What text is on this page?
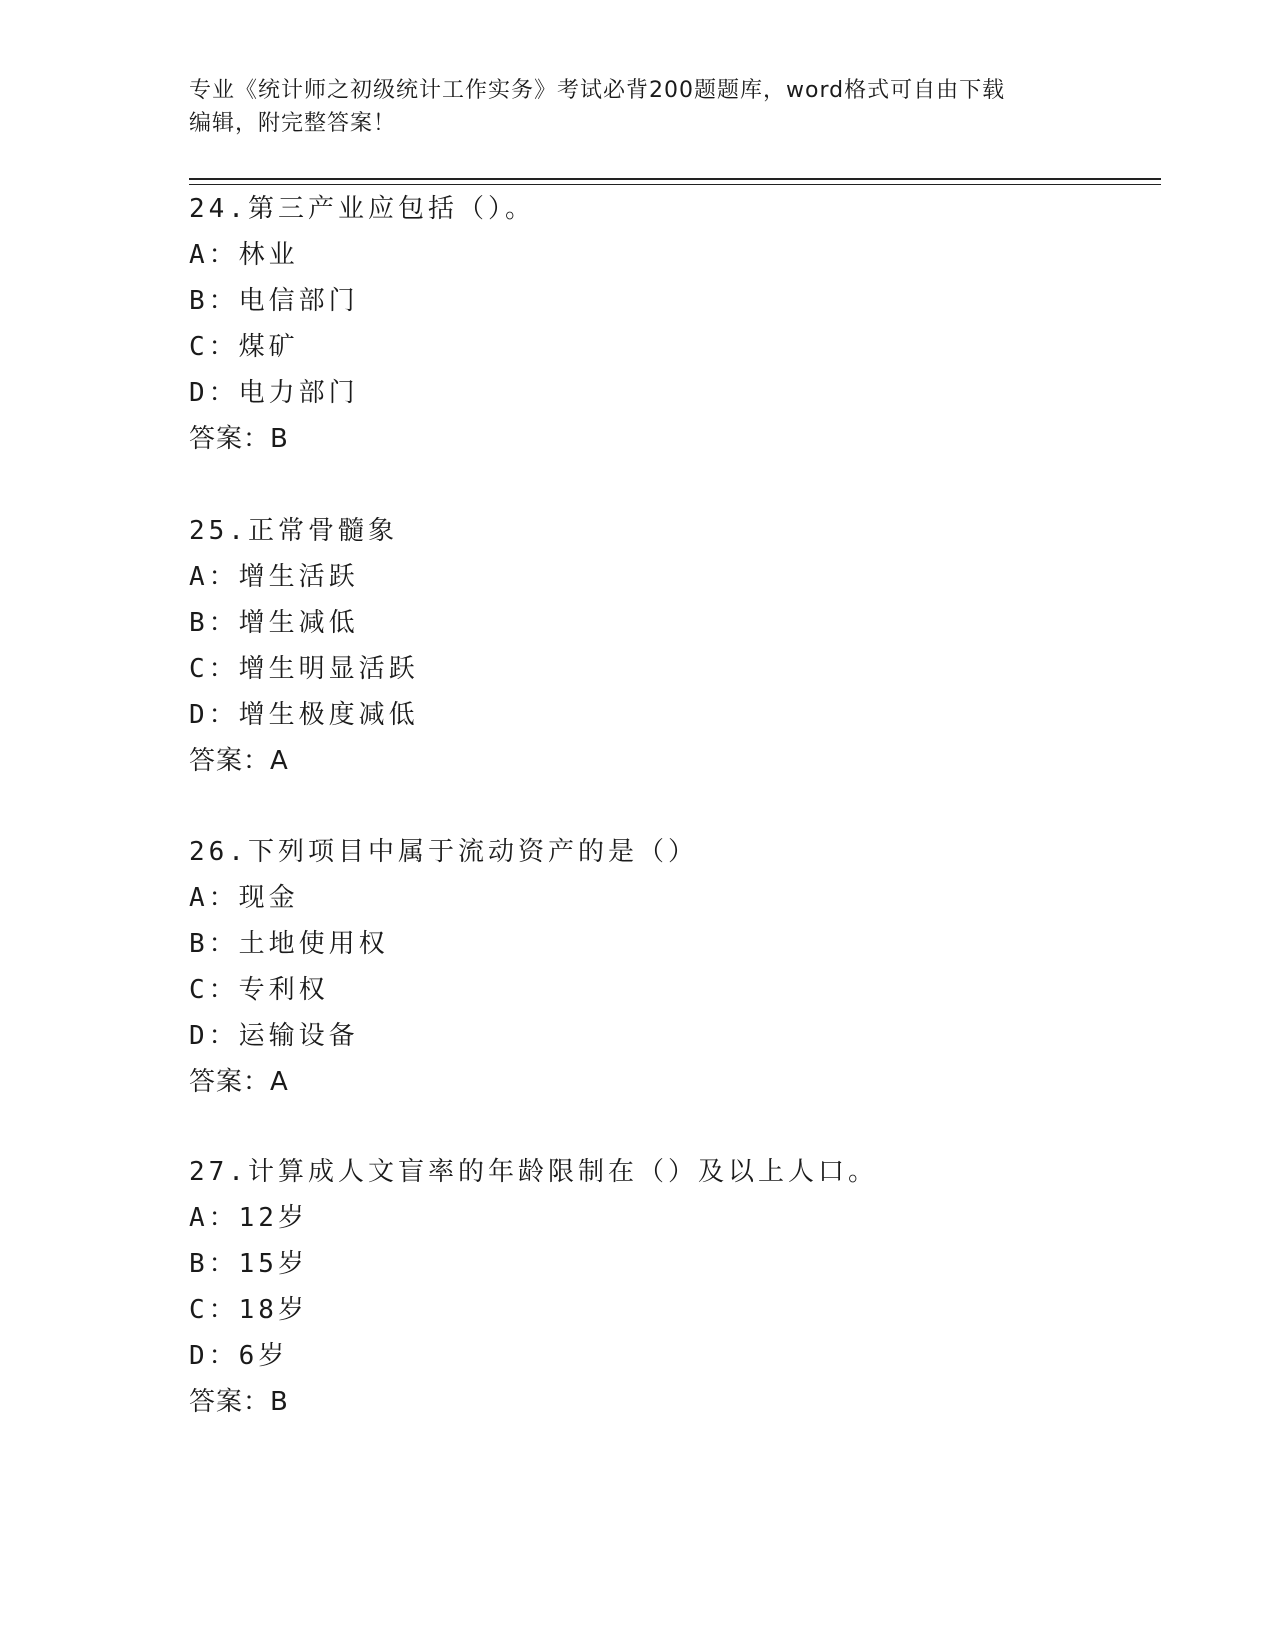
专业《统计师之初级统计工作实务》考试必背200题题库，word格式可自由下载
编辑，附完整答案！
24.第三产业应包括（）。
A：林业
B：电信部门
C：煤矿
D：电力部门
答案：B
25.正常骨髓象
A：增生活跃
B：增生减低
C：增生明显活跃
D：增生极度减低
答案：A
26.下列项目中属于流动资产的是（）
A：现金
B：土地使用权
C：专利权
D：运输设备
答案：A
27.计算成人文盲率的年龄限制在（）及以上人口。
A：12岁
B：15岁
C：18岁
D：6岁
答案：B
